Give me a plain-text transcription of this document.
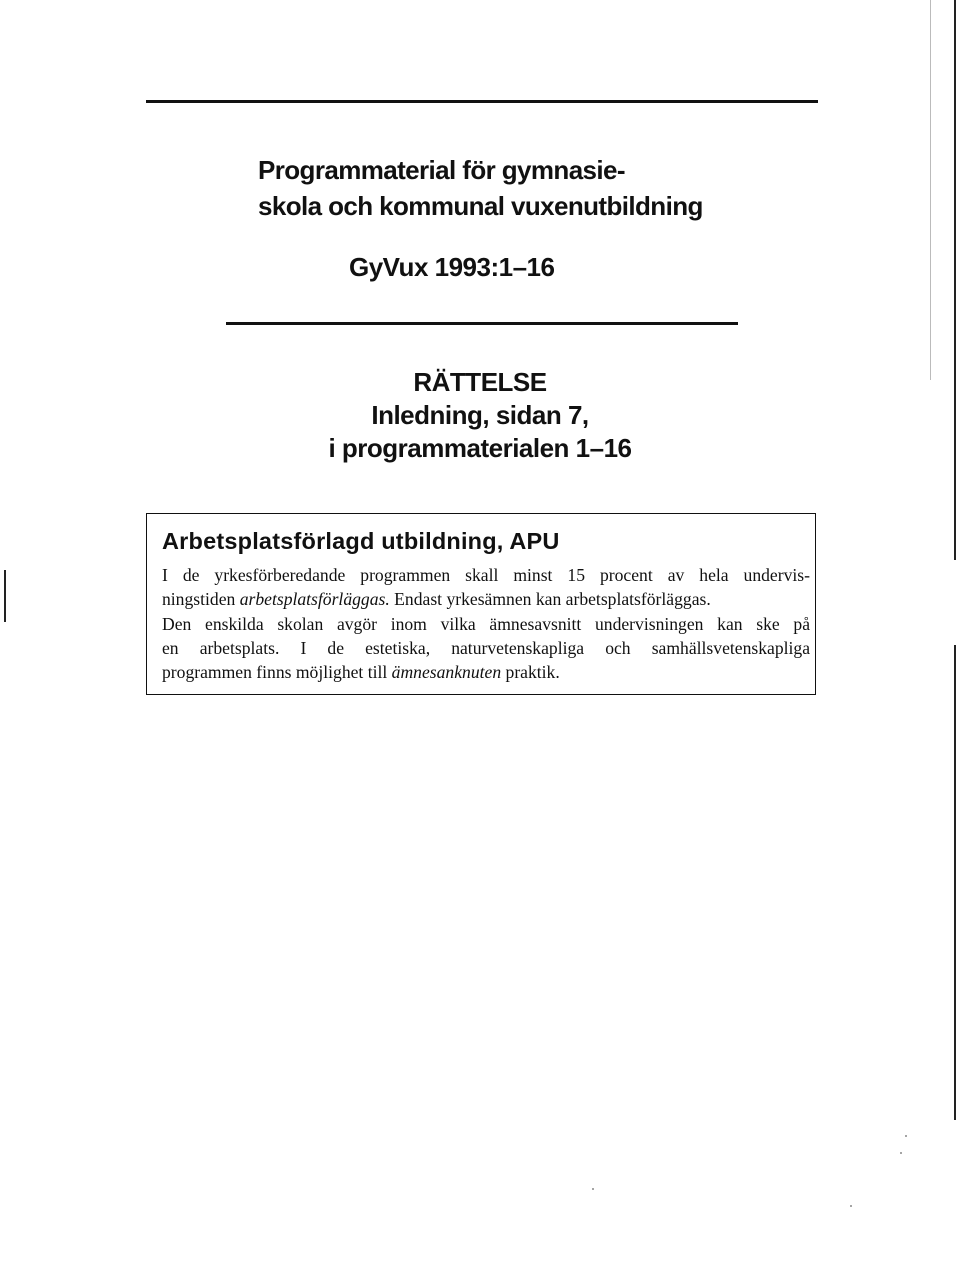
Programmaterial för gymnasie-
skola och kommunal vuxenutbildning
GyVux 1993:1–16
RÄTTELSE
Inledning, sidan 7,
i programmaterialen 1–16
Arbetsplatsförlagd utbildning, APU
I de yrkesförberedande programmen skall minst 15 procent av hela undervis-
ningstiden arbetsplatsförläggas. Endast yrkesämnen kan arbetsplatsförläggas.
Den enskilda skolan avgör inom vilka ämnesavsnitt undervisningen kan ske på
en arbetsplats. I de estetiska, naturvetenskapliga och samhällsvetenskapliga
programmen finns möjlighet till ämnesanknuten praktik.
